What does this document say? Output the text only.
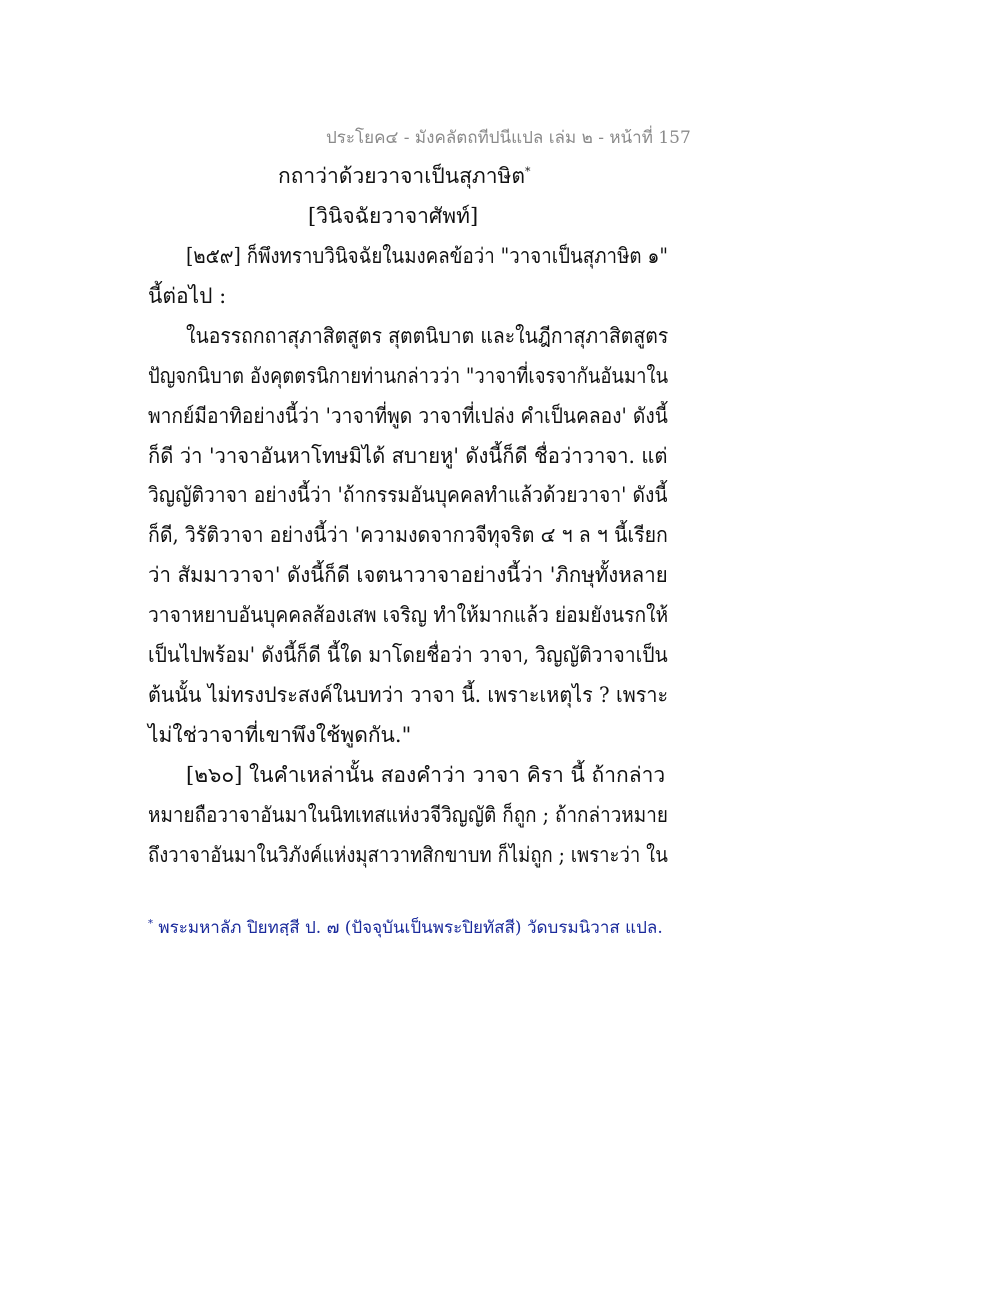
ประโยค๔ - มังคลัตถทีปนีแปล เล่ม ๒ - หน้าที่ 157
กถาว่าด้วยวาจาเป็นสุภาษิต*
[วินิจฉัยวาจาศัพท์]
[๒๕๙] ก็พึงทราบวินิจฉัยในมงคลข้อว่า "วาจาเป็นสุภาษิต ๑"
นี้ต่อไป :
ในอรรถกถาสุภาสิตสูตร สุตตนิบาต และในฎีกาสุภาสิตสูตร
ปัญจกนิบาต อังคุตตรนิกายท่านกล่าวว่า "วาจาที่เจรจากันอันมาใน
พากย์มีอาทิอย่างนี้ว่า 'วาจาที่พูด วาจาที่เปล่ง คำเป็นคลอง' ดังนี้
ก็ดี ว่า 'วาจาอันหาโทษมิได้ สบายหู' ดังนี้ก็ดี ชื่อว่าวาจา. แต่
วิญญัติวาจา อย่างนี้ว่า 'ถ้ากรรมอันบุคคลทำแล้วด้วยวาจา' ดังนี้
ก็ดี, วิรัติวาจา อย่างนี้ว่า 'ความงดจากวจีทุจริต ๔ ฯ ล ฯ นี้เรียก
ว่า สัมมาวาจา' ดังนี้ก็ดี เจตนาวาจาอย่างนี้ว่า 'ภิกษุทั้งหลาย
วาจาหยาบอันบุคคลส้องเสพ เจริญ ทำให้มากแล้ว ย่อมยังนรกให้
เป็นไปพร้อม' ดังนี้ก็ดี นี้ใด มาโดยชื่อว่า วาจา, วิญญัติวาจาเป็น
ต้นนั้น ไม่ทรงประสงค์ในบทว่า วาจา นี้. เพราะเหตุไร ? เพราะ
ไม่ใช่วาจาที่เขาพึงใช้พูดกัน."
[๒๖๐] ในคำเหล่านั้น สองคำว่า วาจา คิรา นี้ ถ้ากล่าว
หมายถือวาจาอันมาในนิทเทสแห่งวจีวิญญัติ ก็ถูก ; ถ้ากล่าวหมาย
ถึงวาจาอันมาในวิภังค์แห่งมุสาวาทสิกขาบท ก็ไม่ถูก ; เพราะว่า ใน
* พระมหาลัภ ปิยทสฺสี ป. ๗ (ปัจจุบันเป็นพระปิยทัสสี) วัดบรมนิวาส แปล.
